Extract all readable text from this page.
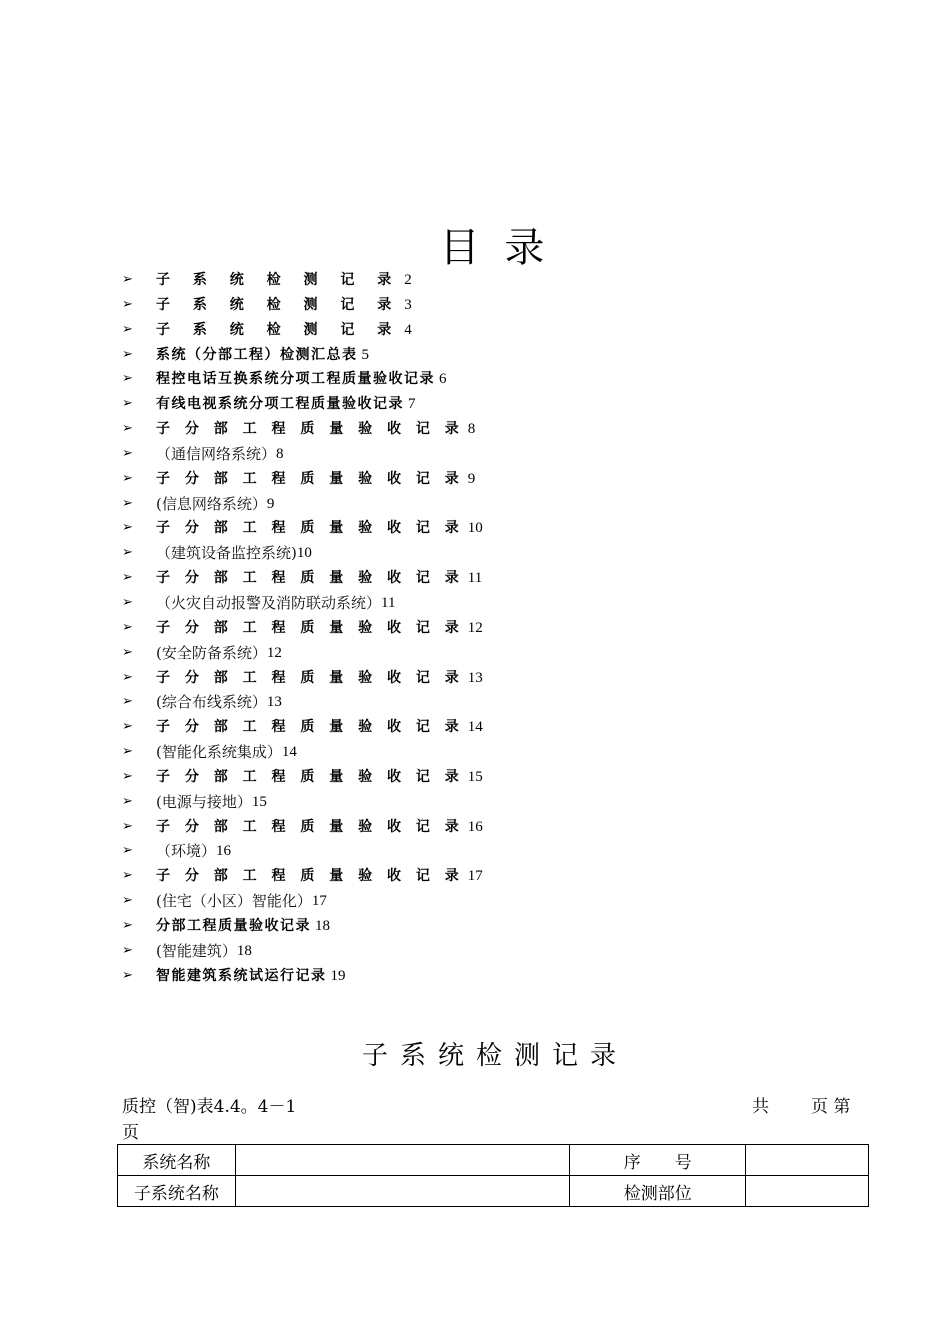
目 录
➢	子 系 统 检 测 记 录 2
➢	子 系 统 检 测 记 录 3
➢	子 系 统 检 测 记 录 4
➢	系统（分部工程）检测汇总表 5
➢	程控电话互换系统分项工程质量验收记录 6
➢	有线电视系统分项工程质量验收记录 7
➢	子 分 部 工 程 质 量 验 收 记 录 8
➢	（通信网络系统） 8
➢	子 分 部 工 程 质 量 验 收 记 录 9
➢	(信息网络系统） 9
➢	子 分 部 工 程 质 量 验 收 记 录 10
➢	（建筑设备监控系统) 10
➢	子 分 部 工 程 质 量 验 收 记 录 11
➢	（火灾自动报警及消防联动系统） 11
➢	子 分 部 工 程 质 量 验 收 记 录 12
➢	(安全防备系统） 12
➢	子 分 部 工 程 质 量 验 收 记 录 13
➢	(综合布线系统） 13
➢	子 分 部 工 程 质 量 验 收 记 录 14
➢	(智能化系统集成） 14
➢	子 分 部 工 程 质 量 验 收 记 录 15
➢	(电源与接地） 15
➢	子 分 部 工 程 质 量 验 收 记 录 16
➢	（环境） 16
➢	子 分 部 工 程 质 量 验 收 记 录 17
➢	(住宅（小区）智能化） 17
➢	分部工程质量验收记录 18
➢	(智能建筑） 18
➢	智能建筑系统试运行记录 19
子系统检测记录
质控（智)表4.4。4－1	共 页 第
页
系统名称		序　　号	
子系统名称		检测部位	
